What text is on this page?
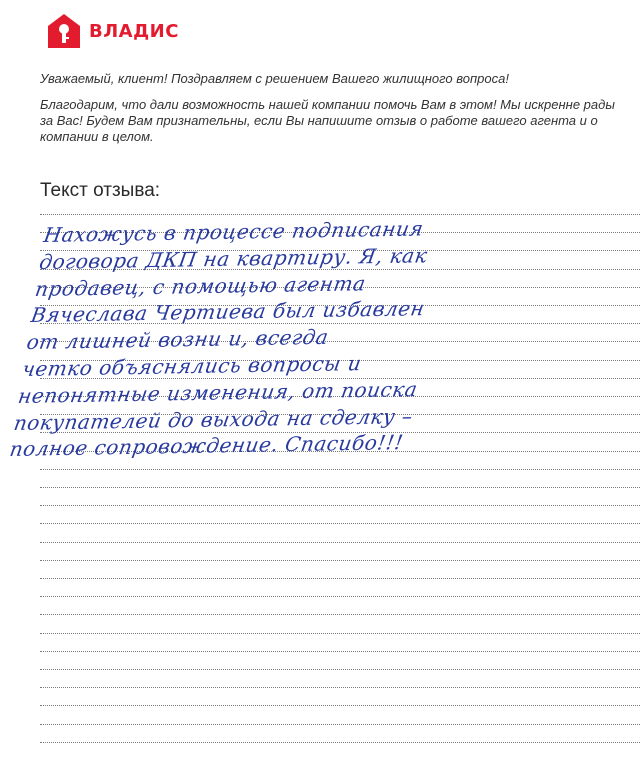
ВЛАДИС

Уважаемый, клиент! Поздравляем с решением Вашего жилищного вопроса!

Благодарим, что дали возможность нашей компании помочь Вам в этом! Мы искренне рады за Вас! Будем Вам признательны, если Вы напишите отзыв о работе вашего агента и о компании в целом.

Текст отзыва:
Нахожусь в процессе подписания
договора ДКП на квартиру. Я, как
продавец, с помощью агента
Вячеслава Чертиева был избавлен
от лишней возни и, всегда
четко объяснялись вопросы и
непонятные изменения, от поиска
покупателей до выхода на сделку –
полное сопровождение. Спасибо!!!
